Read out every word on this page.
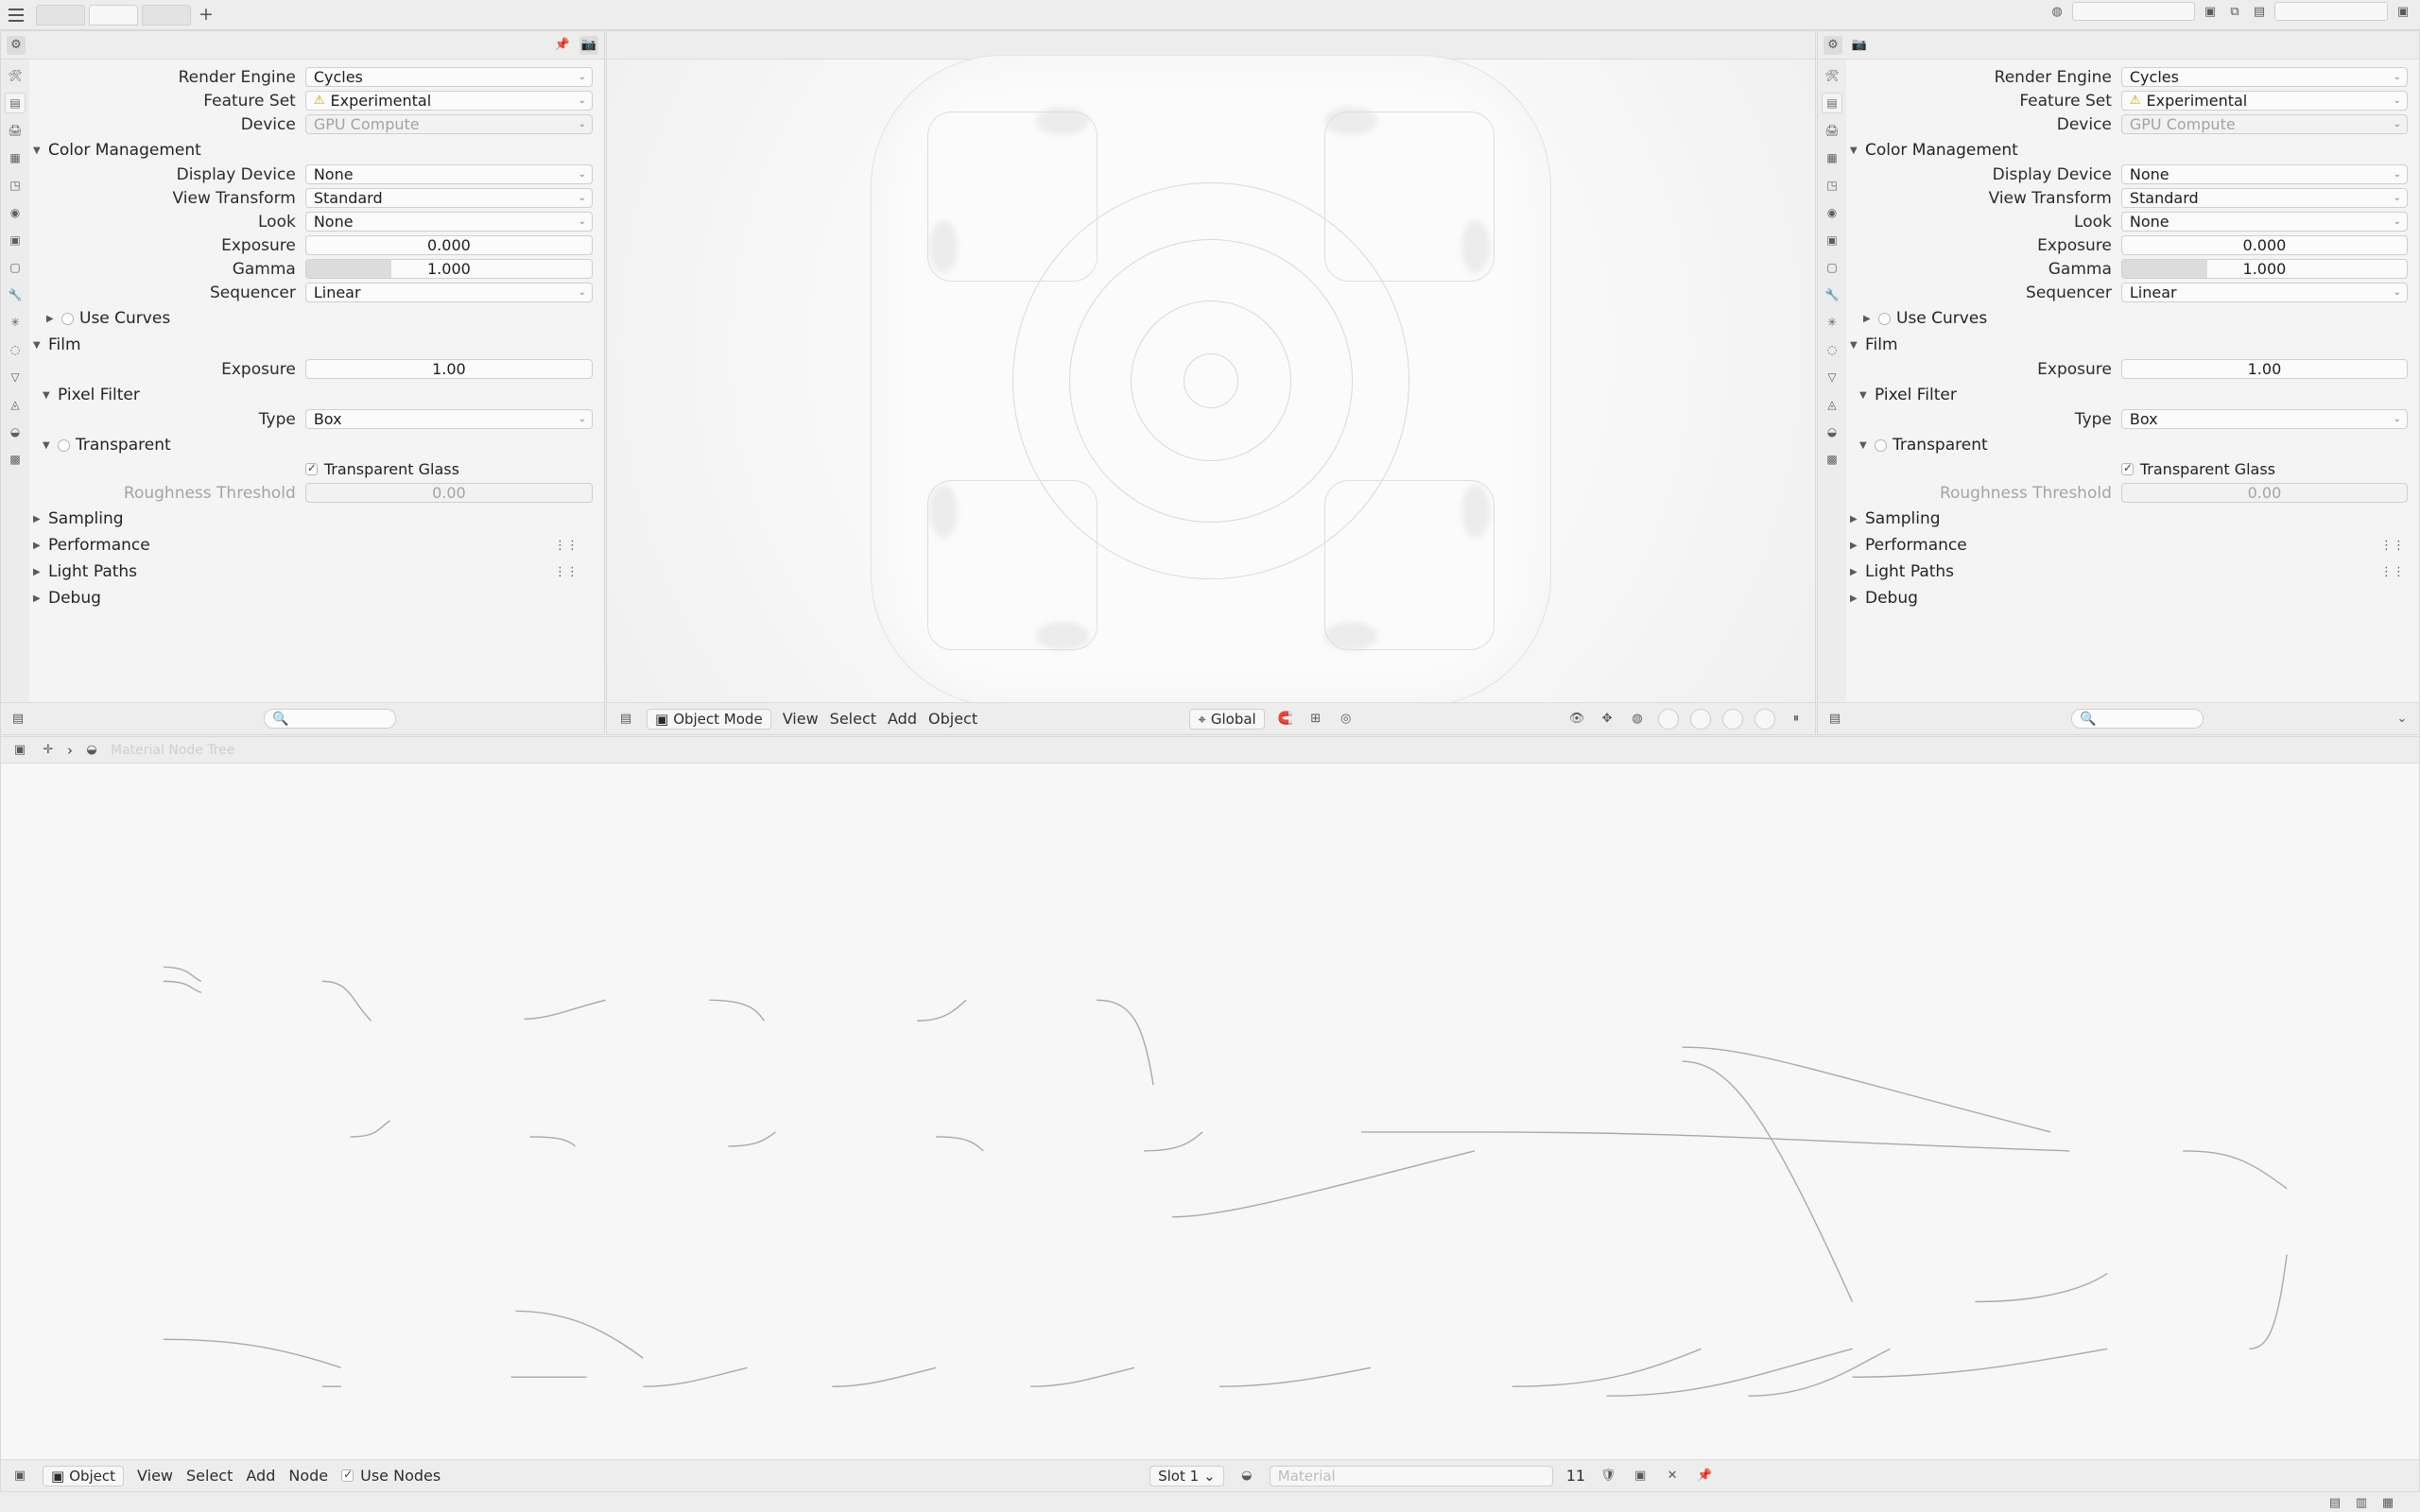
+	◍	▣	⧉	▤	▣
⚙	📌 📷
🛠
▤
🖨
▦
◳
◉
▣
▢
🔧
✳
◌
▽
◬
◒
▩
Render Engine	Cycles	⌄
Feature Set	⚠ Experimental	⌄
Device	GPU Compute	⌄
▼ Color Management
Display Device	None	⌄
View Transform	Standard	⌄
Look	None	⌄
Exposure	0.000
Gamma	1.000
Sequencer	Linear	⌄
▶ Use Curves
▼ Film
Exposure	1.00
▼ Pixel Filter
Type	Box	⌄
▼ Transparent
✓
Transparent Glass
Roughness Threshold	0.00
▶ Sampling
▶ Performance	⋮⋮
▶ Light Paths	⋮⋮
▶ Debug
▤	🔍	▤ ▣ Object Mode View Select Add Object	⌖ Global 🧲	⊞	◎	👁	✥	◍	⏸
⚙	📷
🛠
▤
🖨
▦
◳
◉
▣
▢
🔧
✳
◌
▽
◬
◒
▩
Render Engine	Cycles	⌄
Feature Set	⚠ Experimental	⌄
Device	GPU Compute	⌄
▼ Color Management
Display Device	None	⌄
View Transform	Standard	⌄
Look	None	⌄
Exposure	0.000
Gamma	1.000
Sequencer	Linear	⌄
▶ Use Curves
▼ Film
Exposure	1.00
▼ Pixel Filter
Type	Box	⌄
▼ Transparent
✓
Transparent Glass
Roughness Threshold	0.00
▶ Sampling
▶ Performance	⋮⋮
▶ Light Paths	⋮⋮
▶ Debug
▤	🔍	⌄
▣	✛ ›	◒	Material Node Tree
▣ ▣ Object View Select Add Node ✓ Use Nodes	Slot 1 ⌄	◒ Material	11 🛡 ▣	✕	📌
▤ ▥ ▦
